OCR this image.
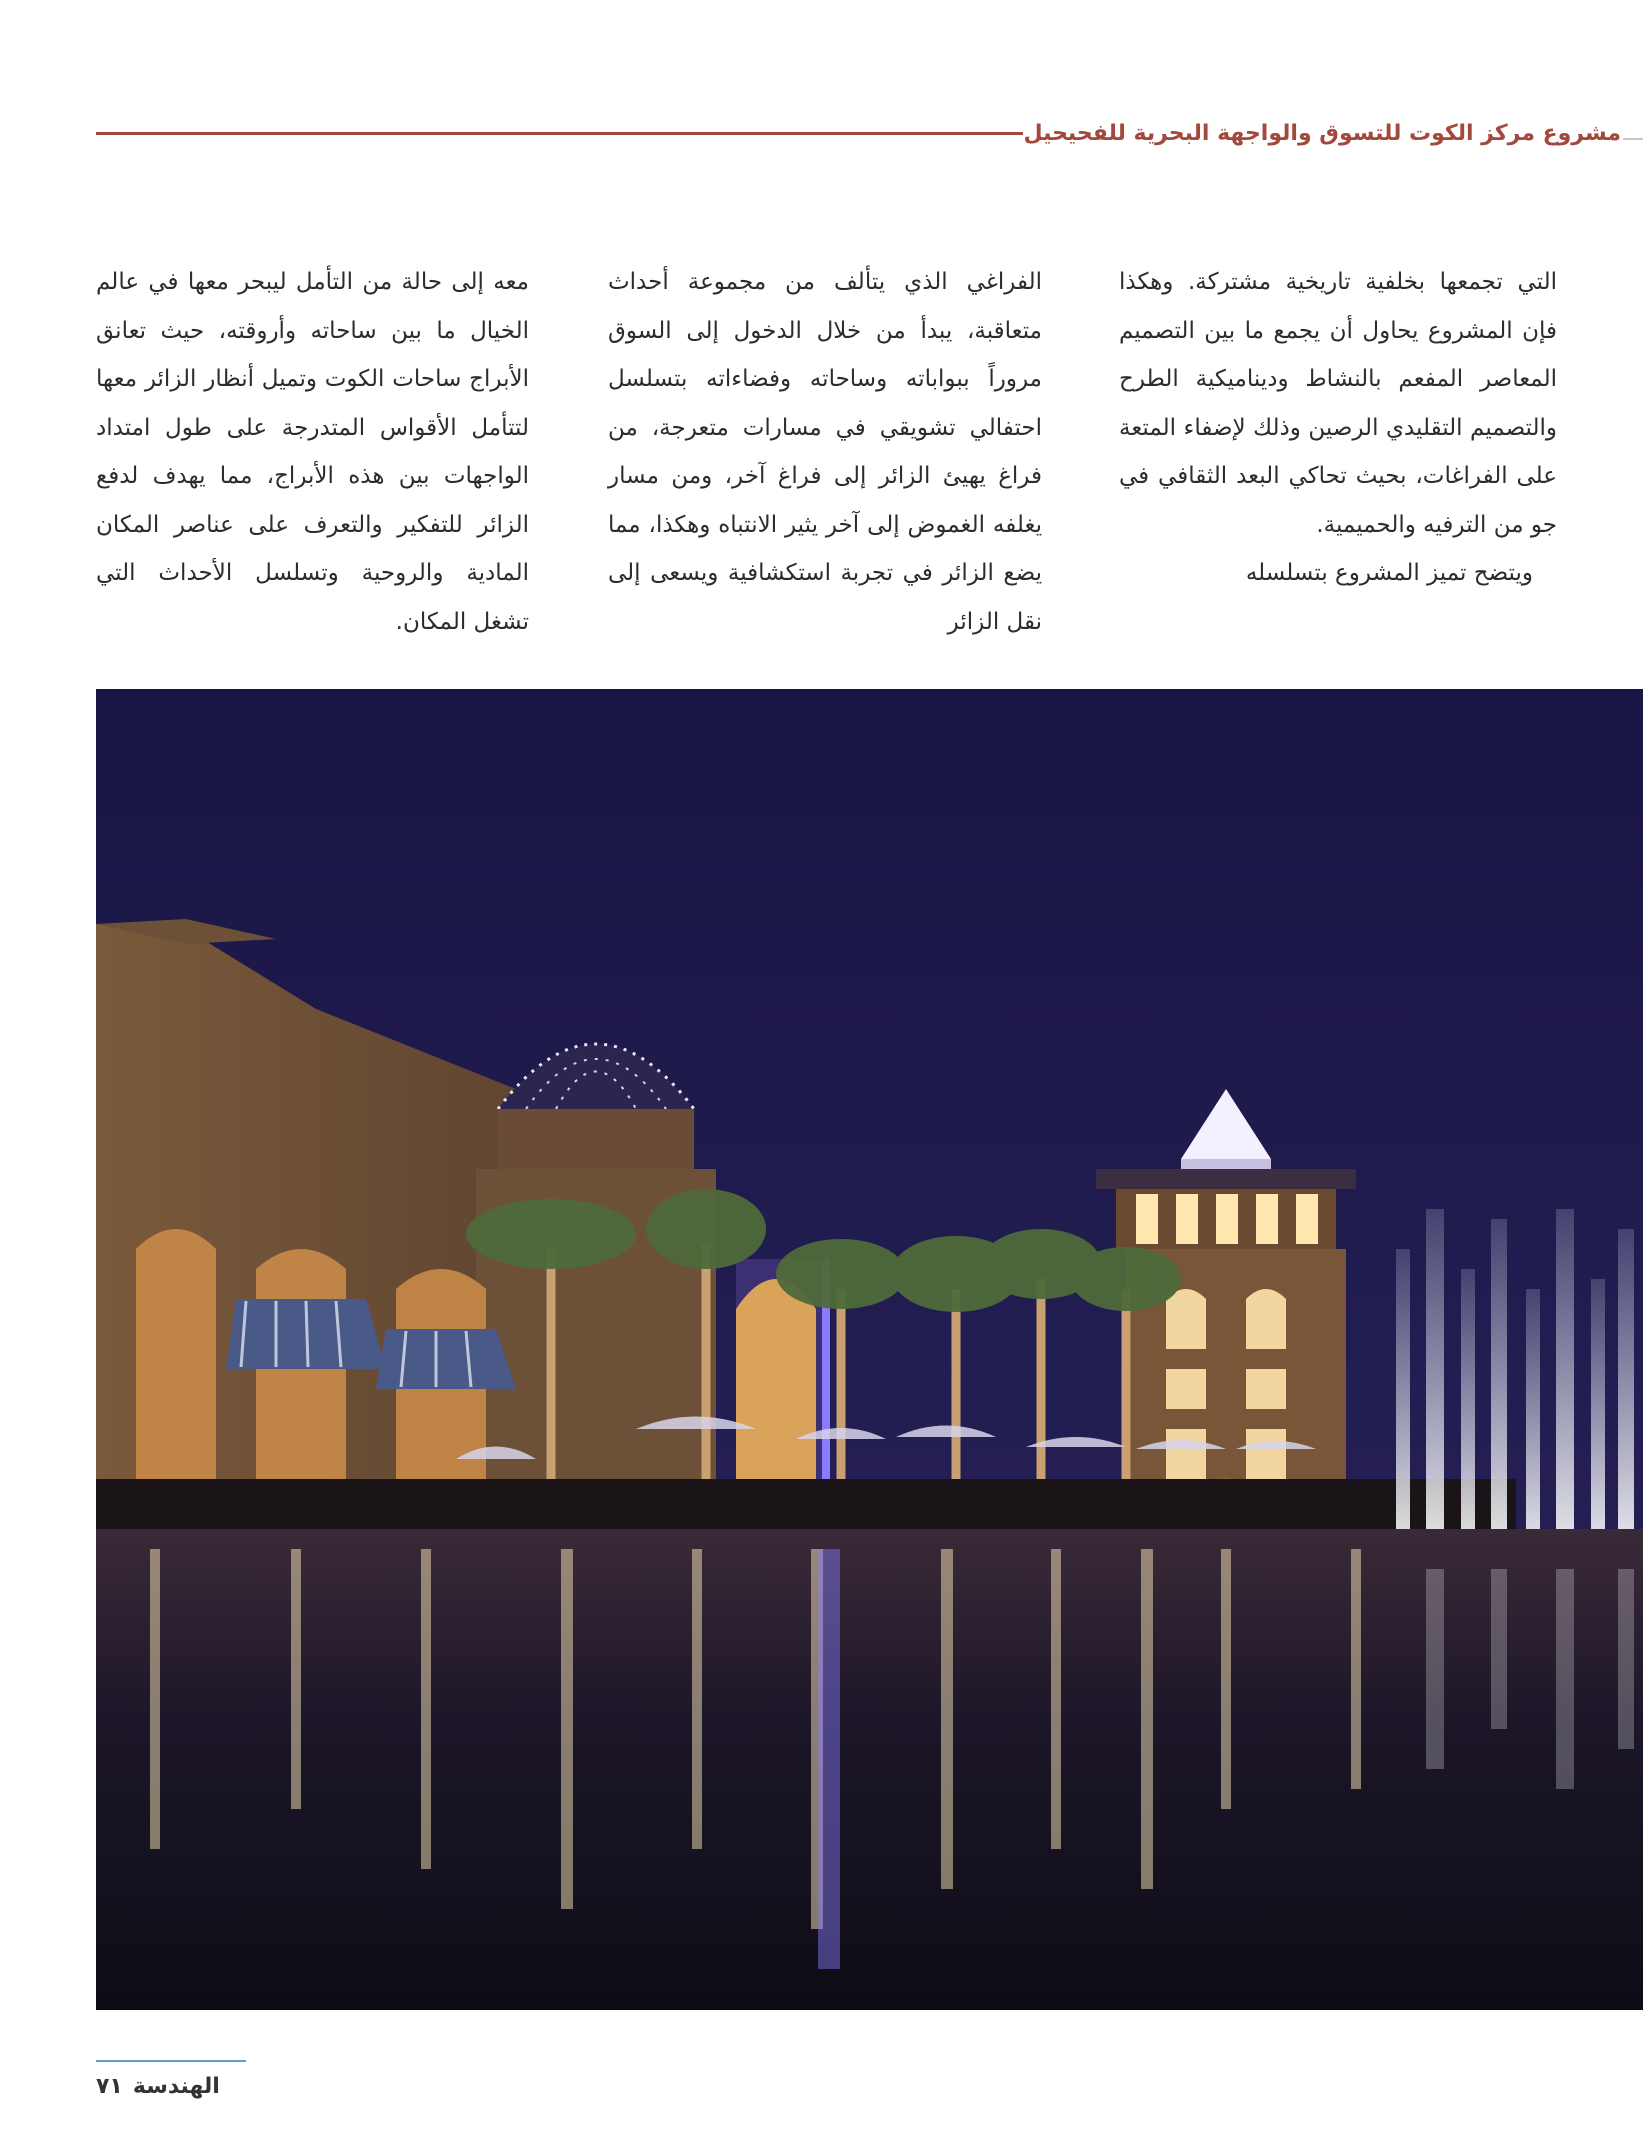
مشروع مركز الكوت للتسوق والواجهة البحرية للفحيحيل

التي تجمعها بخلفية تاريخية مشتركة. وهكذا فإن المشروع يحاول أن يجمع ما بين التصميم المعاصر المفعم بالنشاط وديناميكية الطرح والتصميم التقليدي الرصين وذلك لإضفاء المتعة على الفراغات، بحيث تحاكي البعد الثقافي في جو من الترفيه والحميمية.

ويتضح تميز المشروع بتسلسله

الفراغي الذي يتألف من مجموعة أحداث متعاقبة، يبدأ من خلال الدخول إلى السوق مروراً ببواباته وساحاته وفضاءاته بتسلسل احتفالي تشويقي في مسارات متعرجة، من فراغ يهيئ الزائر إلى فراغ آخر، ومن مسار يغلفه الغموض إلى آخر يثير الانتباه وهكذا، مما يضع الزائر في تجربة استكشافية ويسعى إلى نقل الزائر

معه إلى حالة من التأمل ليبحر معها في عالم الخيال ما بين ساحاته وأروقته، حيث تعانق الأبراج ساحات الكوت وتميل أنظار الزائر معها لتتأمل الأقواس المتدرجة على طول امتداد الواجهات بين هذه الأبراج، مما يهدف لدفع الزائر للتفكير والتعرف على عناصر المكان المادية والروحية وتسلسل الأحداث التي تشغل المكان.

الهندسة٧١
